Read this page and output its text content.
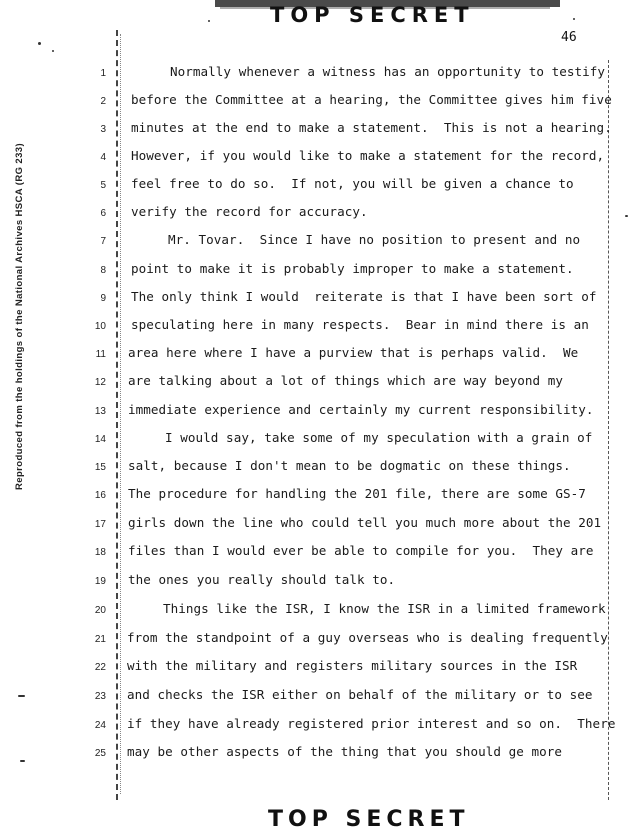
TOP SECRET
46
Reproduced from the holdings of the National Archives HSCA (RG 233)
1	Normally whenever a witness has an opportunity to testify
2 before the Committee at a hearing, the Committee gives him five
3 minutes at the end to make a statement.  This is not a hearing.
4 However, if you would like to make a statement for the record,
5 feel free to do so.  If not, you will be given a chance to
6 verify the record for accuracy.
7	Mr. Tovar.  Since I have no position to present and no
8 point to make it is probably improper to make a statement.
9 The only think I would  reiterate is that I have been sort of
10 speculating here in many respects.  Bear in mind there is an
11 area here where I have a purview that is perhaps valid.  We
12 are talking about a lot of things which are way beyond my
13 immediate experience and certainly my current responsibility.
14	I would say, take some of my speculation with a grain of
15 salt, because I don't mean to be dogmatic on these things.
16 The procedure for handling the 201 file, there are some GS-7
17 girls down the line who could tell you much more about the 201
18 files than I would ever be able to compile for you.  They are
19 the ones you really should talk to.
20	Things like the ISR, I know the ISR in a limited framework
21 from the standpoint of a guy overseas who is dealing frequently
22 with the military and registers military sources in the ISR
23 and checks the ISR either on behalf of the military or to see
24 if they have already registered prior interest and so on.  There
25 may be other aspects of the thing that you should ge more
TOP SECRET
